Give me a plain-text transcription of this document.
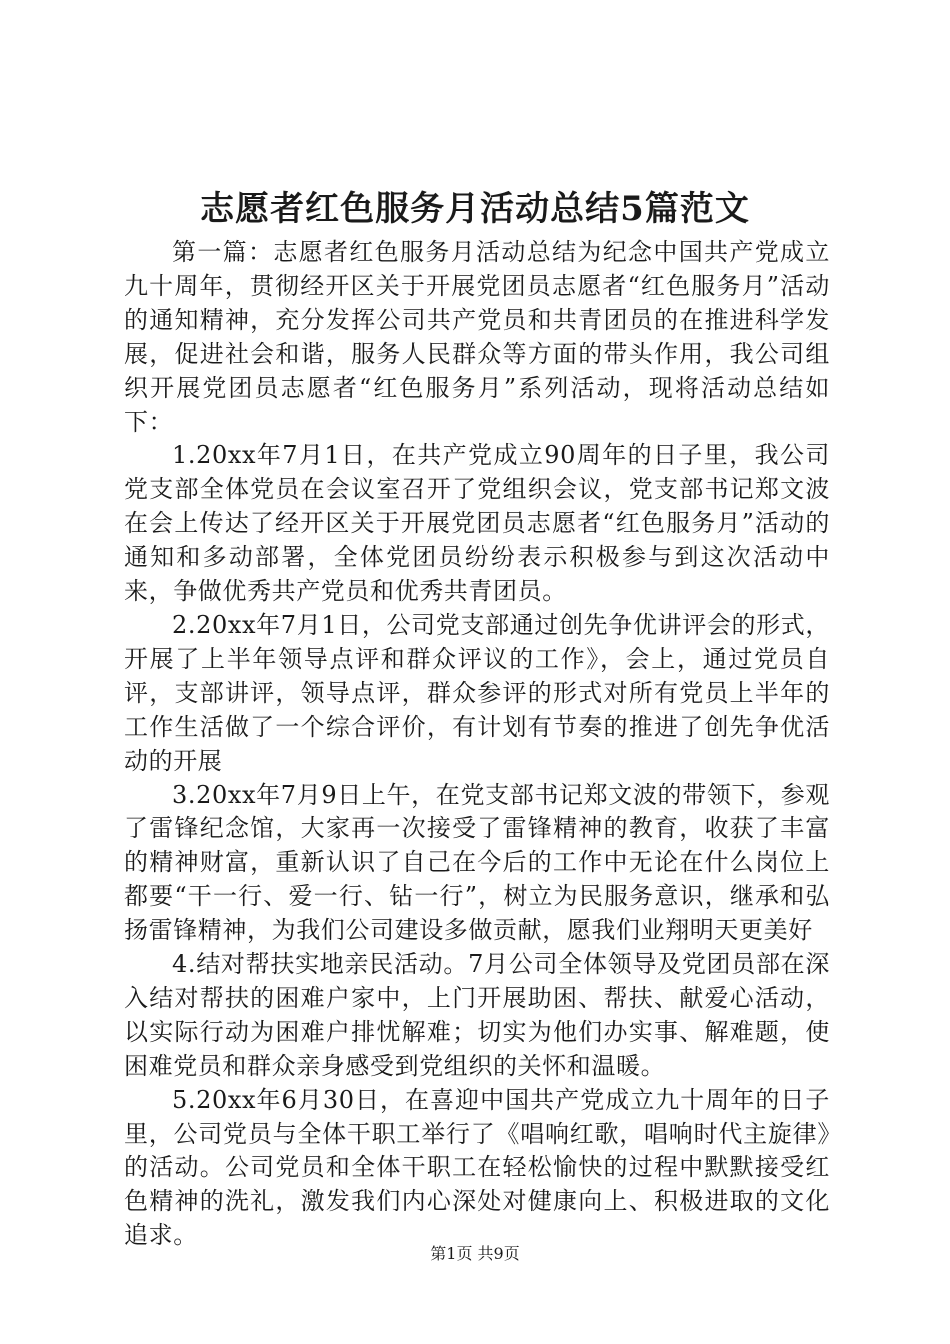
志愿者红色服务月活动总结5篇范文

第一篇：志愿者红色服务月活动总结为纪念中国共产党成立九十周年，贯彻经开区关于开展党团员志愿者“红色服务月”活动的通知精神，充分发挥公司共产党员和共青团员的在推进科学发展，促进社会和谐，服务人民群众等方面的带头作用，我公司组织开展党团员志愿者“红色服务月”系列活动，现将活动总结如下：

1.20xx年7月1日，在共产党成立90周年的日子里，我公司党支部全体党员在会议室召开了党组织会议，党支部书记郑文波在会上传达了经开区关于开展党团员志愿者“红色服务月”活动的通知和多动部署，全体党团员纷纷表示积极参与到这次活动中来，争做优秀共产党员和优秀共青团员。

2.20xx年7月1日，公司党支部通过创先争优讲评会的形式，开展了上半年领导点评和群众评议的工作》，会上，通过党员自评，支部讲评，领导点评，群众参评的形式对所有党员上半年的工作生活做了一个综合评价，有计划有节奏的推进了创先争优活动的开展

3.20xx年7月9日上午，在党支部书记郑文波的带领下，参观了雷锋纪念馆，大家再一次接受了雷锋精神的教育，收获了丰富的精神财富，重新认识了自己在今后的工作中无论在什么岗位上都要“干一行、爱一行、钻一行”，树立为民服务意识，继承和弘扬雷锋精神，为我们公司建设多做贡献，愿我们业翔明天更美好

4.结对帮扶实地亲民活动。7月公司全体领导及党团员部在深入结对帮扶的困难户家中，上门开展助困、帮扶、献爱心活动，以实际行动为困难户排忧解难；切实为他们办实事、解难题，使困难党员和群众亲身感受到党组织的关怀和温暖。

5.20xx年6月30日，在喜迎中国共产党成立九十周年的日子里，公司党员与全体干职工举行了《唱响红歌，唱响时代主旋律》的活动。公司党员和全体干职工在轻松愉快的过程中默默接受红色精神的洗礼，激发我们内心深处对健康向上、积极进取的文化追求。

第1页 共9页
